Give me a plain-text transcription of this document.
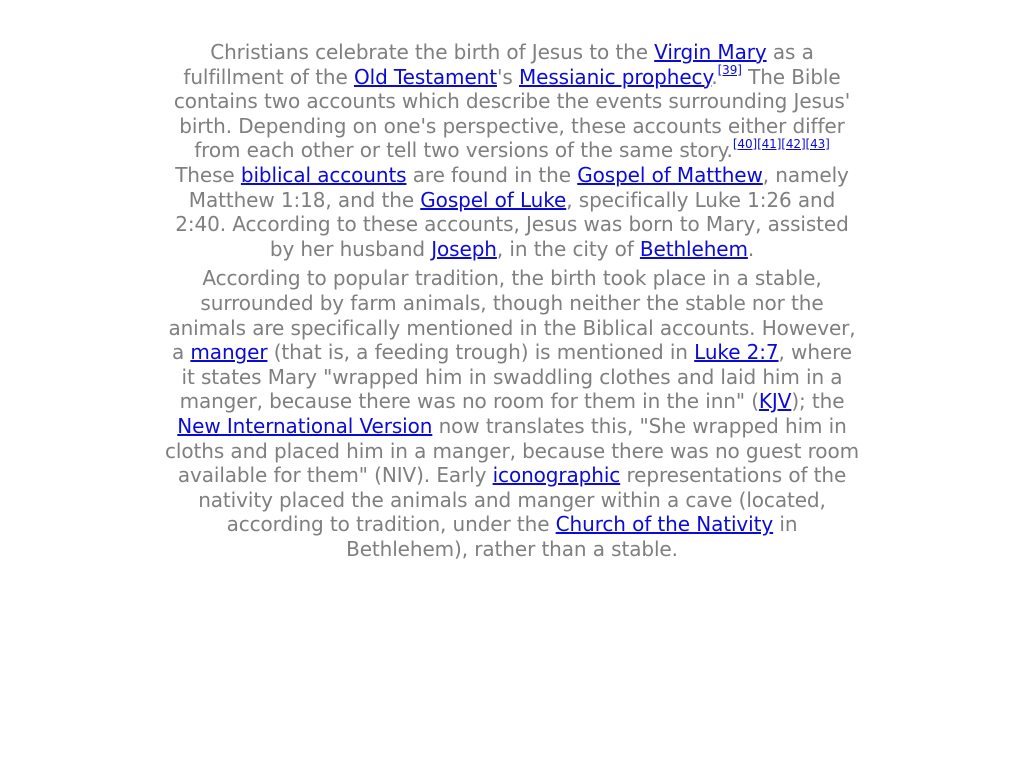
Christians celebrate the birth of Jesus to the Virgin Mary as a fulfillment of the Old Testament's Messianic prophecy.[39] The Bible contains two accounts which describe the events surrounding Jesus' birth. Depending on one's perspective, these accounts either differ from each other or tell two versions of the same story.[40][41][42][43] These biblical accounts are found in the Gospel of Matthew, namely Matthew 1:18, and the Gospel of Luke, specifically Luke 1:26 and 2:40. According to these accounts, Jesus was born to Mary, assisted by her husband Joseph, in the city of Bethlehem.

According to popular tradition, the birth took place in a stable, surrounded by farm animals, though neither the stable nor the animals are specifically mentioned in the Biblical accounts. However, a manger (that is, a feeding trough) is mentioned in Luke 2:7, where it states Mary "wrapped him in swaddling clothes and laid him in a manger, because there was no room for them in the inn" (KJV); the New International Version now translates this, "She wrapped him in cloths and placed him in a manger, because there was no guest room available for them" (NIV). Early iconographic representations of the nativity placed the animals and manger within a cave (located, according to tradition, under the Church of the Nativity in Bethlehem), rather than a stable.
